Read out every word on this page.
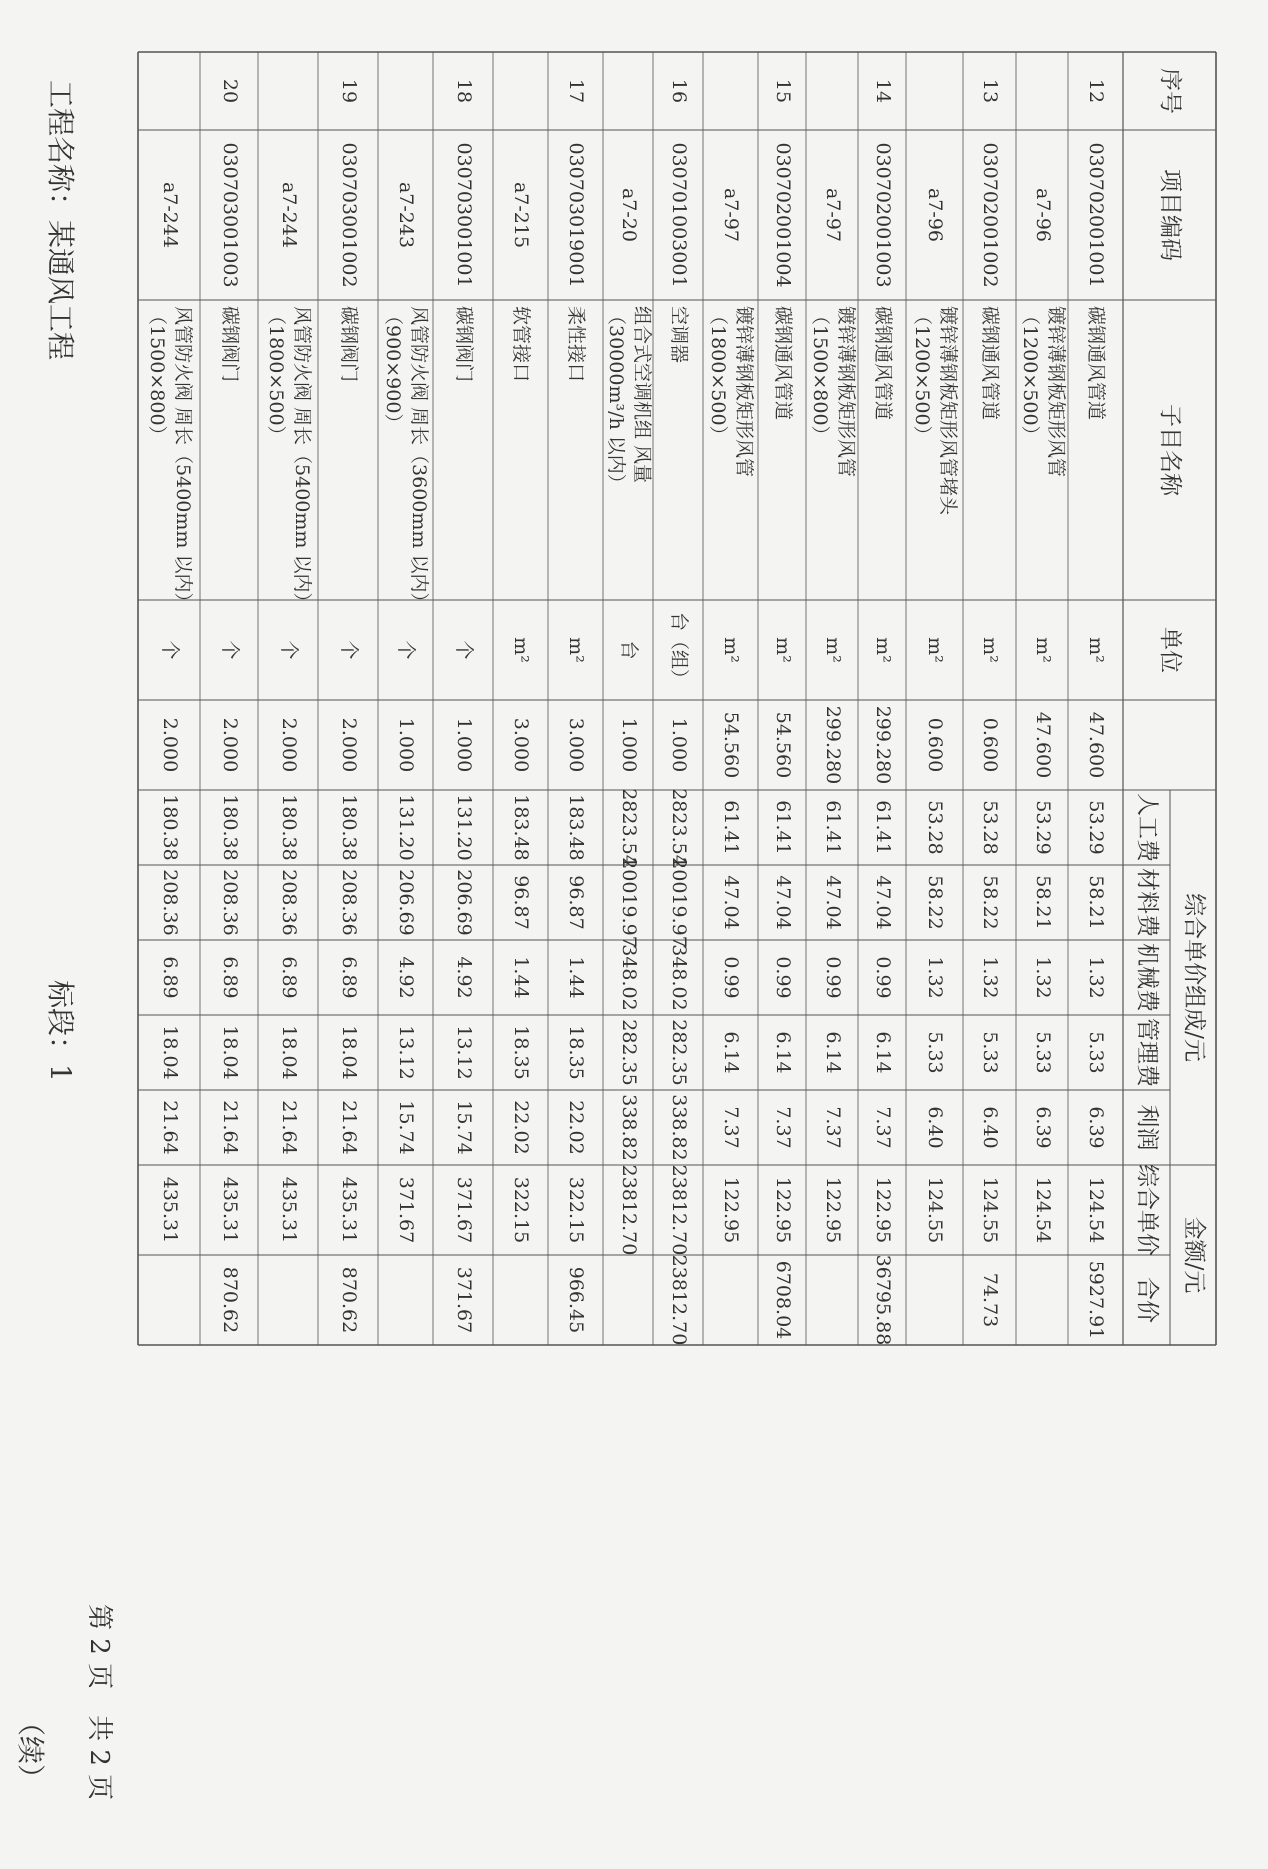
工程名称：某通风工程
标段：1
（续） 第 2 页　共 2 页
序号
项目编码
子目名称
单位
综合单价组成/元
金额/元
人工费
材料费
机械费
管理费
利润
综合单价
合价
12
030702001001
碳钢通风管道
m²
47.600
53.29
58.21
1.32
5.33
6.39
124.54
5927.91
a7-96
镀锌薄钢板矩形风管（1200×500）
m²
47.600
53.29
58.21
1.32
5.33
6.39
124.54
13
030702001002
碳钢通风管道
m²
0.600
53.28
58.22
1.32
5.33
6.40
124.55
74.73
a7-96
镀锌薄钢板矩形风管堵头（1200×500）
m²
0.600
53.28
58.22
1.32
5.33
6.40
124.55
14
030702001003
碳钢通风管道
m²
299.280
61.41
47.04
0.99
6.14
7.37
122.95
36795.88
a7-97
镀锌薄钢板矩形风管（1500×800）
m²
299.280
61.41
47.04
0.99
6.14
7.37
122.95
15
030702001004
碳钢通风管道
m²
54.560
61.41
47.04
0.99
6.14
7.37
122.95
6708.04
a7-97
镀锌薄钢板矩形风管（1800×500）
m²
54.560
61.41
47.04
0.99
6.14
7.37
122.95
16
030701003001
空调器
台（组）
1.000
2823.54
20019.97
348.02
282.35
338.82
23812.70
23812.70
a7-20
组合式空调机组 风量（30000m³/h 以内）
台
1.000
2823.54
20019.97
348.02
282.35
338.82
23812.70
17
030703019001
柔性接口
m²
3.000
183.48
96.87
1.44
18.35
22.02
322.15
966.45
a7-215
软管接口
m²
3.000
183.48
96.87
1.44
18.35
22.02
322.15
18
030703001001
碳钢阀门
个
1.000
131.20
206.69
4.92
13.12
15.74
371.67
371.67
a7-243
风管防火阀 周长（3600mm 以内）（900×900）
个
1.000
131.20
206.69
4.92
13.12
15.74
371.67
19
030703001002
碳钢阀门
个
2.000
180.38
208.36
6.89
18.04
21.64
435.31
870.62
a7-244
风管防火阀 周长（5400mm 以内）（1800×500）
个
2.000
180.38
208.36
6.89
18.04
21.64
435.31
20
030703001003
碳钢阀门
个
2.000
180.38
208.36
6.89
18.04
21.64
435.31
870.62
a7-244
风管防火阀 周长（5400mm 以内）（1500×800）
个
2.000
180.38
208.36
6.89
18.04
21.64
435.31
